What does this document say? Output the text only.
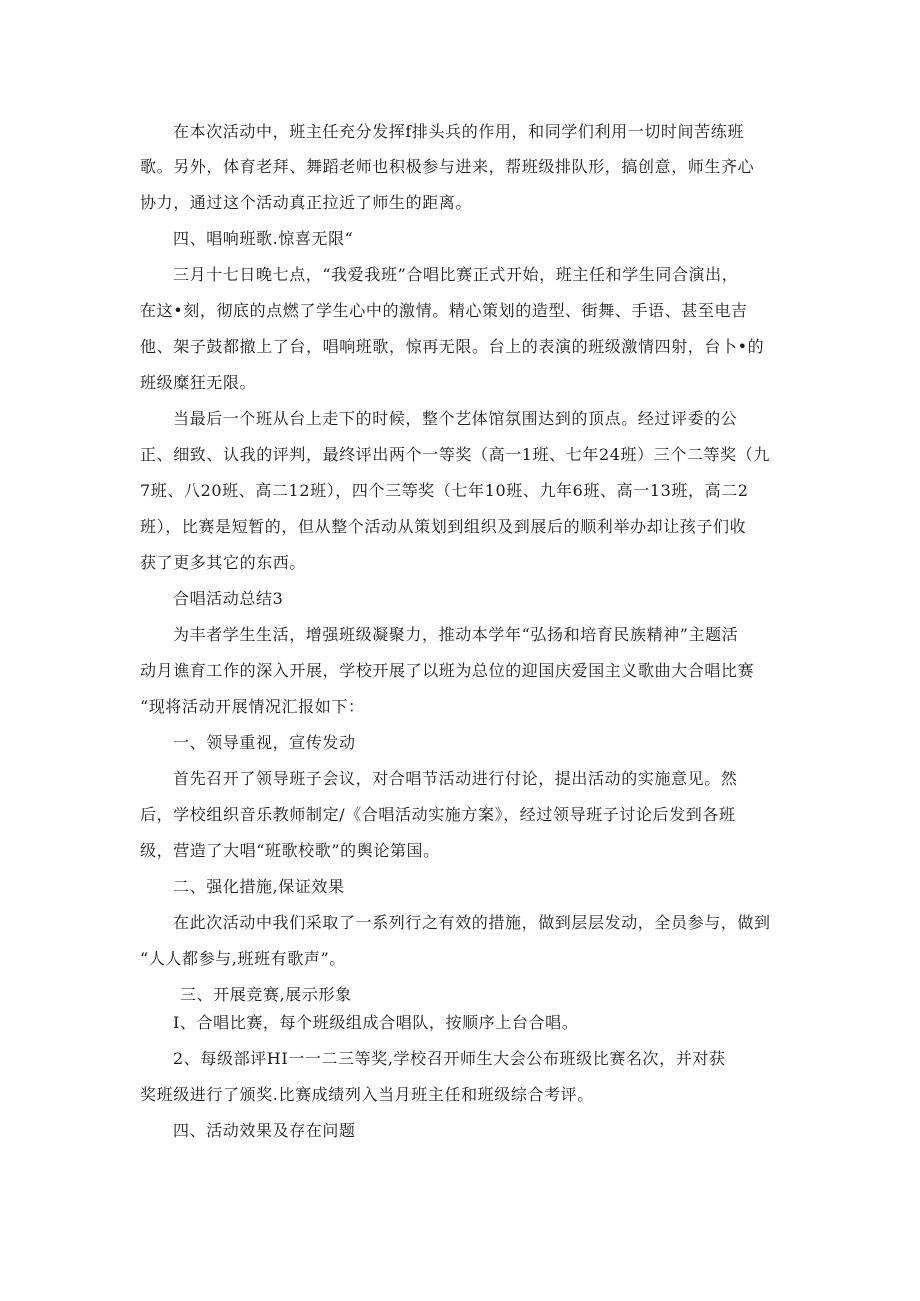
在本次活动中，班主任充分发挥f排头兵的作用，和同学们利用一切时间苦练班
歌。另外，体育老拜、舞蹈老师也积极参与进来，帮班级排队形，搞创意，师生齐心
协力，通过这个活动真正拉近了师生的距离。
四、唱响班歌.惊喜无限“
三月十七日晚七点，“我爱我班”合唱比赛正式开始，班主任和学生同合演出，
在这•刻，彻底的点燃了学生心中的激情。精心策划的造型、街舞、手语、甚至电吉
他、架子鼓都撤上了台，唱响班歌，惊再无限。台上的表演的班级激情四射，台卜•的
班级糜狂无限。
当最后一个班从台上走下的时候，整个艺体馆氛围达到的顶点。经过评委的公
正、细致、认我的评判，最终评出两个一等奖（高一1班、七年24班）三个二等奖（九
7班、八20班、高二12班），四个三等奖（七年10班、九年6班、高一13班，高二2
班），比赛是短暂的，但从整个活动从策划到组织及到展后的顺利举办却让孩子们收
获了更多其它的东西。
合唱活动总结3
为丰者学生生活，增强班级凝聚力，推动本学年“弘扬和培育民族精神”主题活
动月谯育工作的深入开展，学校开展了以班为总位的迎国庆爱国主义歌曲大合唱比赛
“现将活动开展情况汇报如下：
一、领导重视，宣传发动
首先召开了领导班子会议，对合唱节活动进行付论，提出活动的实施意见。然
后，学校组织音乐教师制定/《合唱活动实施方案》，经过领导班子讨论后发到各班
级，营造了大唱“班歌校歌”的舆论第国。
二、强化措施,保证效果
在此次活动中我们采取了一系列行之有效的措施，做到层层发动，全员参与，做到
“人人都参与,班班有歌声”。
三、开展竞赛,展示形象
I、合唱比赛，每个班级组成合唱队，按顺序上台合唱。
2、每级部评HI一一二三等奖,学校召开师生大会公布班级比赛名次，并对获
奖班级进行了颁奖.比赛成绩列入当月班主任和班级综合考评。
四、活动效果及存在问题
